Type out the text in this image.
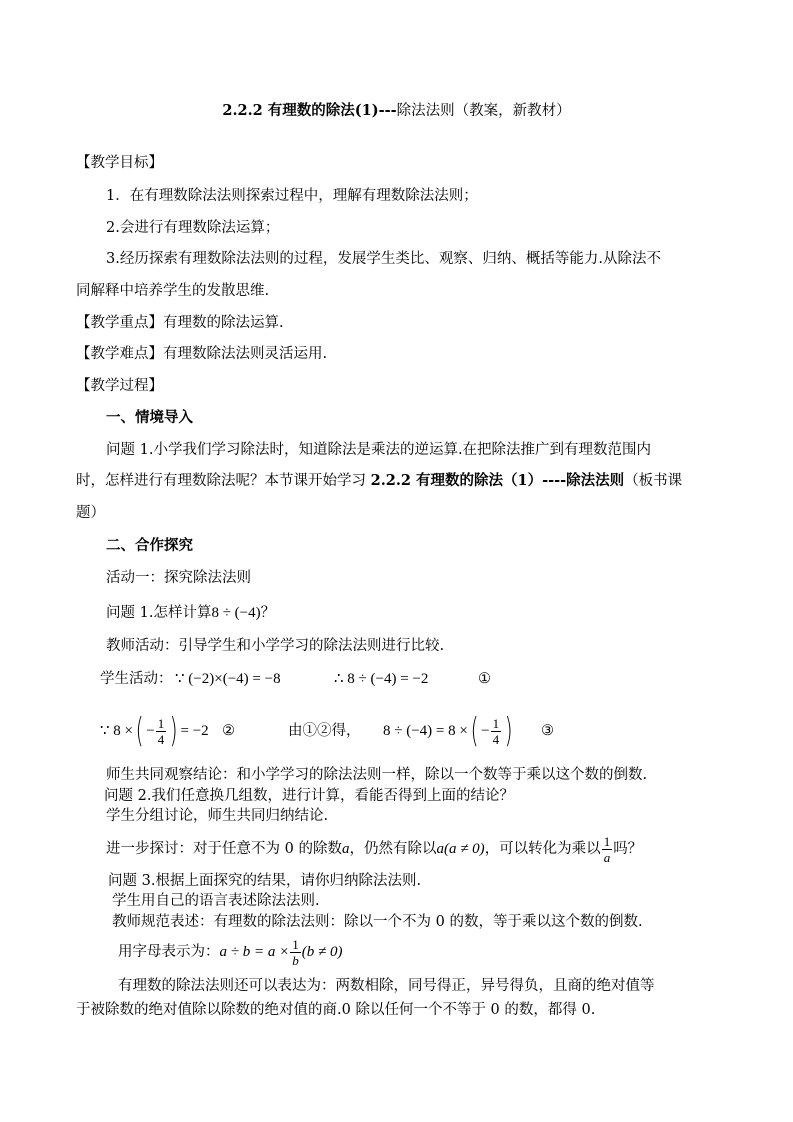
2.2.2 有理数的除法(1)---除法法则（教案，新教材）
【教学目标】
1．在有理数除法法则探索过程中，理解有理数除法法则；
2.会进行有理数除法运算；
3.经历探索有理数除法法则的过程，发展学生类比、观察、归纳、概括等能力.从除法不
同解释中培养学生的发散思维.
【教学重点】有理数的除法运算.
【教学难点】有理数除法法则灵活运用.
【教学过程】
一、情境导入
问题 1.小学我们学习除法时，知道除法是乘法的逆运算.在把除法推广到有理数范围内
时，怎样进行有理数除法呢？本节课开始学习 2.2.2 有理数的除法（1）----除法法则（板书课
题）
二、合作探究
活动一：探究除法法则
问题 1.怎样计算8 ÷ (−4)？
教师活动：引导学生和小学学习的除法法则进行比较.
学生活动： ∵ (−2)×(−4) = −8	∴ 8 ÷ (−4) = −2	①
∵ 8 ×( − $\frac{1}{4}$ ) = −2 ②	由①②得， 8 ÷ (−4) = 8 ×( − $\frac{1}{4}$ ) ③
师生共同观察结论：和小学学习的除法法则一样，除以一个数等于乘以这个数的倒数.
问题 2.我们任意换几组数，进行计算，看能否得到上面的结论？
学生分组讨论，师生共同归纳结论.
进一步探讨：对于任意不为 0 的除数a，仍然有除以a(a ≠ 0)，可以转化为乘以 $\frac{1}{a}$ 吗？
问题 3.根据上面探究的结果，请你归纳除法法则.
学生用自己的语言表述除法法则.
教师规范表述：有理数的除法法则：除以一个不为 0 的数，等于乘以这个数的倒数.
用字母表示为：$a \div b = a \times \frac{1}{b} (b \ne 0)$
有理数的除法法则还可以表达为：两数相除，同号得正，异号得负，且商的绝对值等
于被除数的绝对值除以除数的绝对值的商.0 除以任何一个不等于 0 的数，都得 0.
